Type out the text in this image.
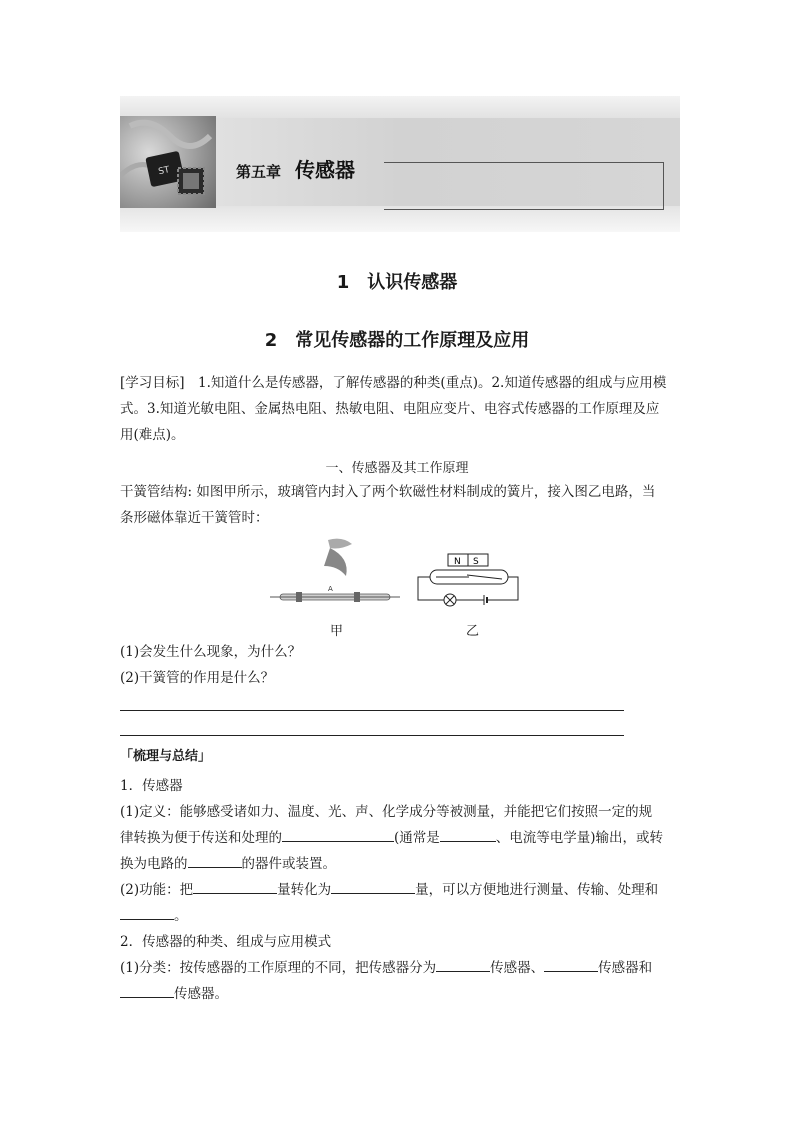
ST	第五章 传感器
1　认识传感器
2　常见传感器的工作原理及应用
[学习目标]　 1.知道什么是传感器，了解传感器的种类(重点)。2.知道传感器的组成与应用模
式。3.知道光敏电阻、金属热电阻、热敏电阻、电阻应变片、电容式传感器的工作原理及应
用(难点)。
一、传感器及其工作原理
干簧管结构: 如图甲所示，玻璃管内封入了两个软磁性材料制成的簧片，接入图乙电路，当
条形磁体靠近干簧管时：
A
甲
N S
乙
(1)会发生什么现象，为什么？
(2)干簧管的作用是什么？
「梳理与总结」
1．传感器
(1)定义：能够感受诸如力、温度、光、声、化学成分等被测量，并能把它们按照一定的规
律转换为便于传送和处理的	(通常是	、电流等电学量)输出，或转
换为电路的	的器件或装置。
(2)功能：把	量转化为	量，可以方便地进行测量、传输、处理和
。
2．传感器的种类、组成与应用模式
(1)分类：按传感器的工作原理的不同，把传感器分为	传感器、	传感器和
传感器。
